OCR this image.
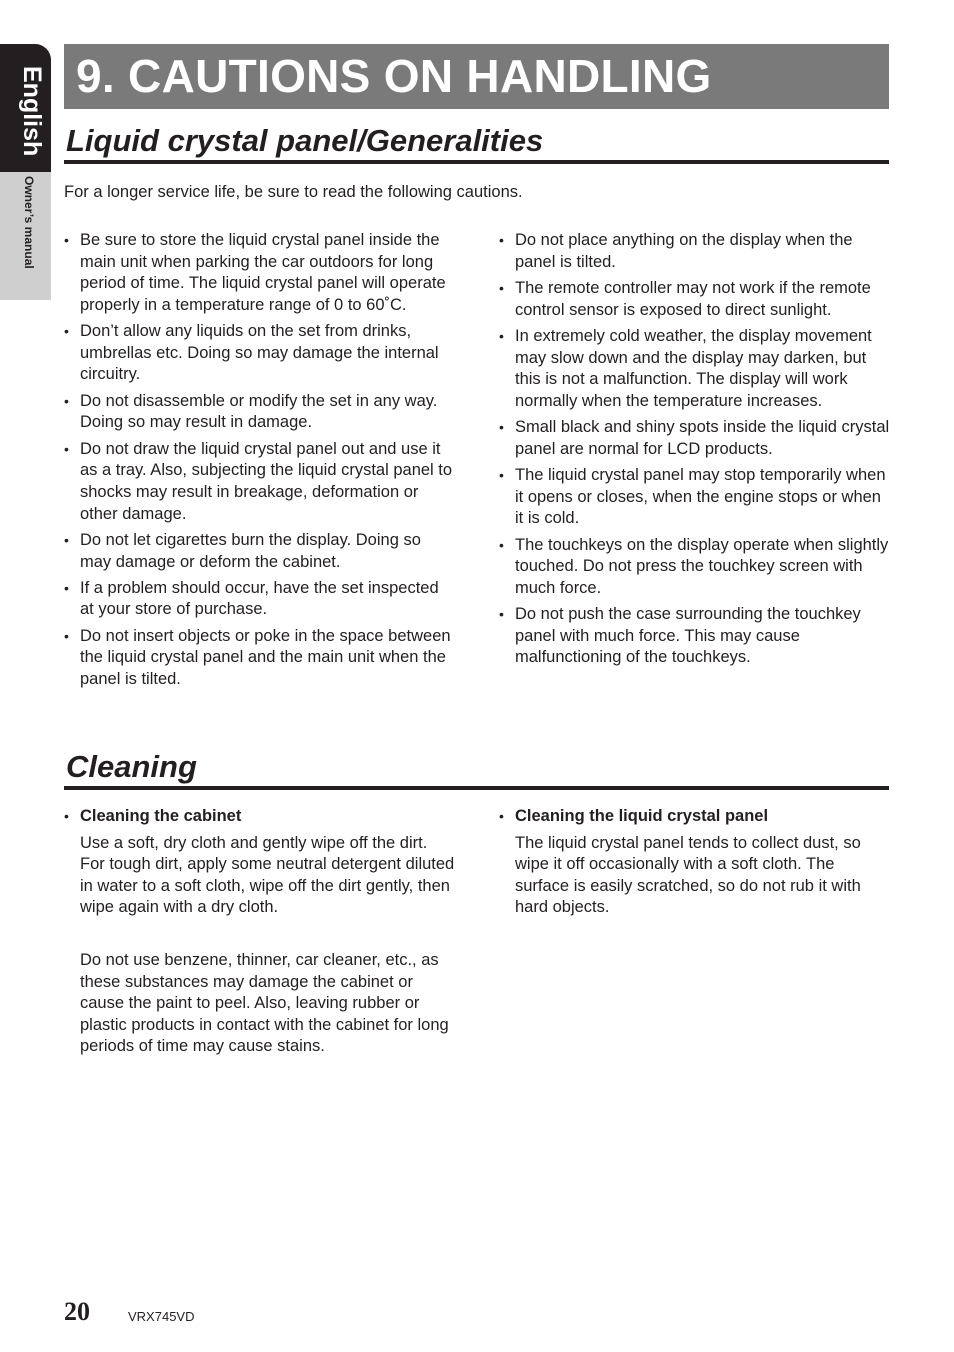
English
Owner’s manual
9. CAUTIONS ON HANDLING
Liquid crystal panel/Generalities
For a longer service life, be sure to read the following cautions.
• Be sure to store the liquid crystal panel inside the main unit when parking the car outdoors for long period of time. The liquid crystal panel will operate properly in a temperature range of 0 to 60˚C.
• Don’t allow any liquids on the set from drinks, umbrellas etc. Doing so may damage the internal circuitry.
• Do not disassemble or modify the set in any way. Doing so may result in damage.
• Do not draw the liquid crystal panel out and use it as a tray. Also, subjecting the liquid crystal panel to shocks may result in breakage, deformation or other damage.
• Do not let cigarettes burn the display. Doing so may damage or deform the cabinet.
• If a problem should occur, have the set inspected at your store of purchase.
• Do not insert objects or poke in the space between the liquid crystal panel and the main unit when the panel is tilted.
• Do not place anything on the display when the panel is tilted.
• The remote controller may not work if the remote control sensor is exposed to direct sunlight.
• In extremely cold weather, the display movement may slow down and the display may darken, but this is not a malfunction. The display will work normally when the temperature increases.
• Small black and shiny spots inside the liquid crystal panel are normal for LCD products.
• The liquid crystal panel may stop temporarily when it opens or closes, when the engine stops or when it is cold.
• The touchkeys on the display operate when slightly touched. Do not press the touchkey screen with much force.
• Do not push the case surrounding the touchkey panel with much force. This may cause malfunctioning of the touchkeys.
Cleaning
• Cleaning the cabinet
Use a soft, dry cloth and gently wipe off the dirt. For tough dirt, apply some neutral detergent diluted in water to a soft cloth, wipe off the dirt gently, then wipe again with a dry cloth.
Do not use benzene, thinner, car cleaner, etc., as these substances may damage the cabinet or cause the paint to peel. Also, leaving rubber or plastic products in contact with the cabinet for long periods of time may cause stains.
• Cleaning the liquid crystal panel
The liquid crystal panel tends to collect dust, so wipe it off occasionally with a soft cloth. The surface is easily scratched, so do not rub it with hard objects.
20	VRX745VD
